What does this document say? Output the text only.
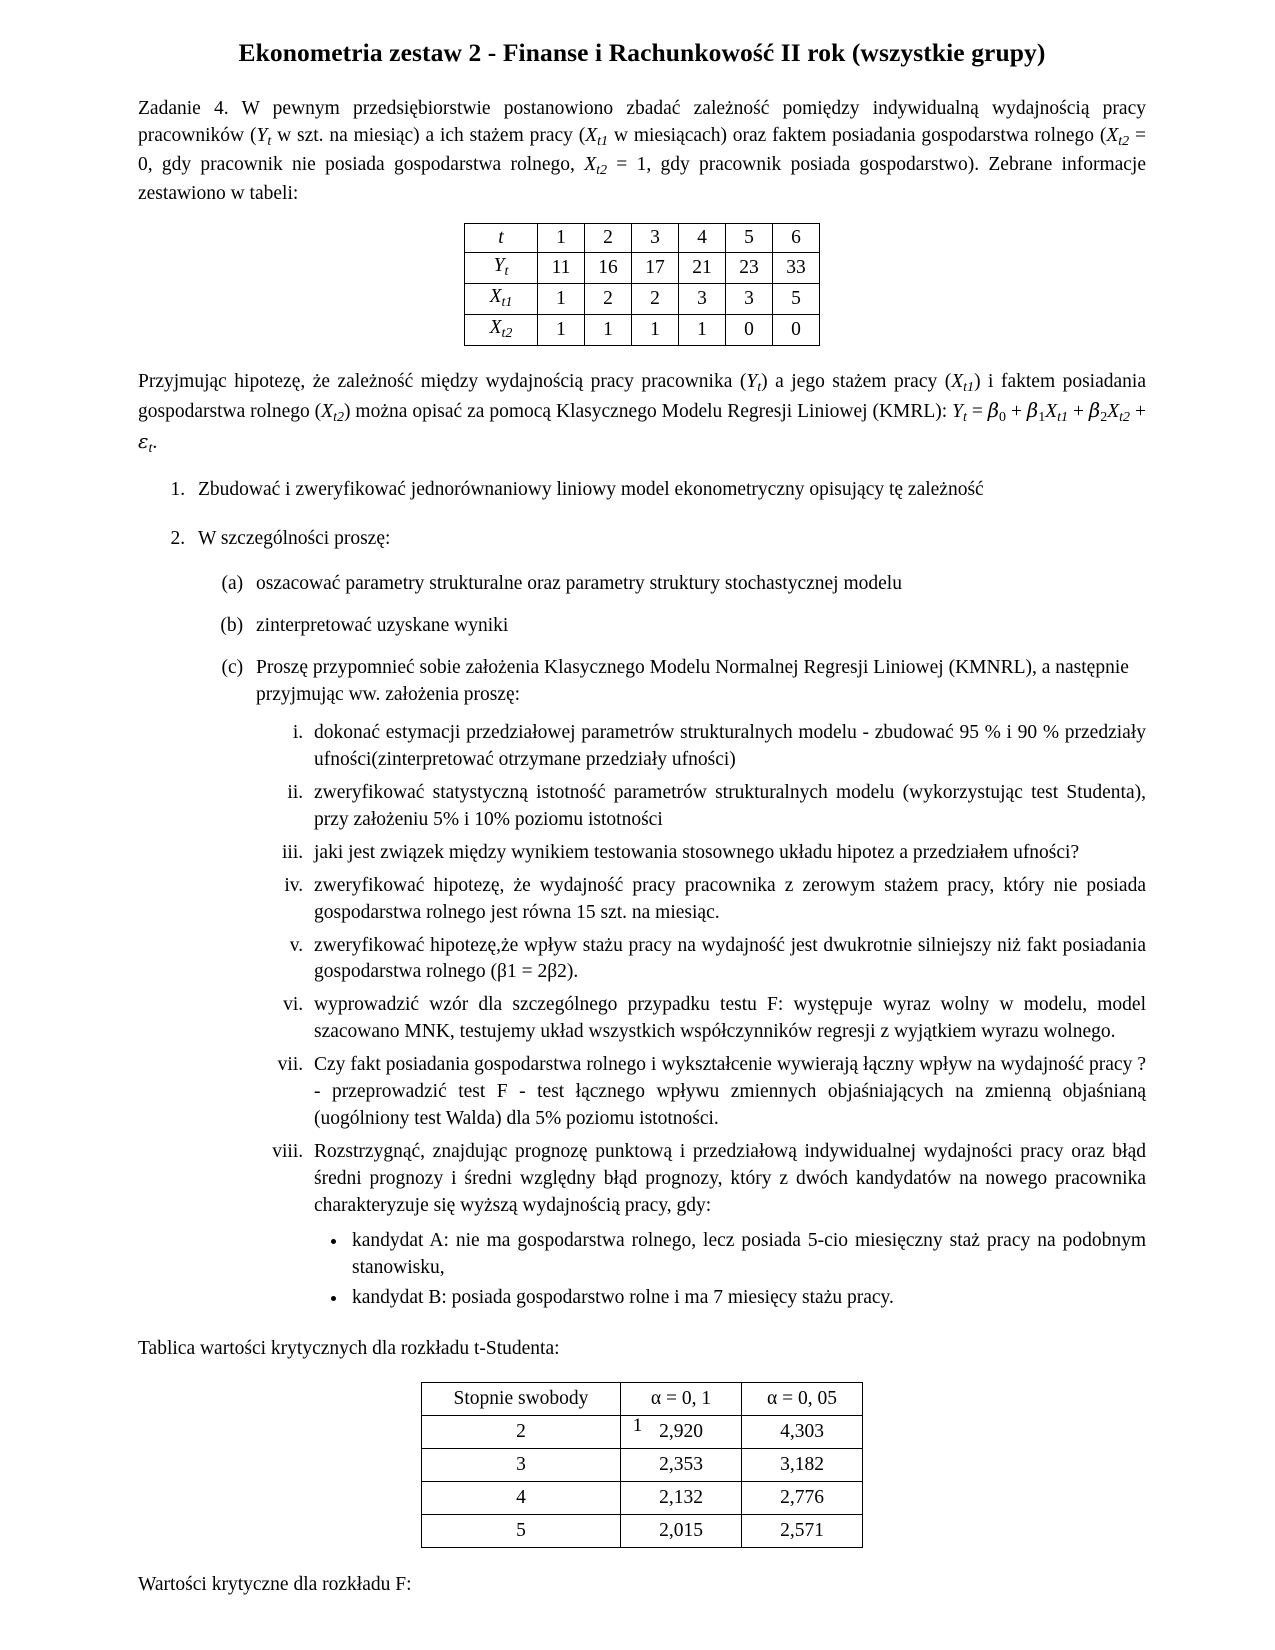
Ekonometria zestaw 2 - Finanse i Rachunkowość II rok (wszystkie grupy)

Zadanie 4. W pewnym przedsiębiorstwie postanowiono zbadać zależność pomiędzy indywidualną wydajnością pracy pracowników ($Y_t$ w szt. na miesiąc) a ich stażem pracy ($X_{t1}$ w miesiącach) oraz faktem posiadania gospodarstwa rolnego ($X_{t2} = 0$, gdy pracownik nie posiada gospodarstwa rolnego, $X_{t2} = 1$, gdy pracownik posiada gospodarstwo). Zebrane informacje zestawiono w tabeli:

t	1	2	3	4	5	6
$Y_t$	11	16	17	21	23	33
$X_{t1}$	1	2	2	3	3	5
$X_{t2}$	1	1	1	1	0	0

Przyjmując hipotezę, że zależność między wydajnością pracy pracownika $(Y_t)$ a jego stażem pracy $(X_{t1})$ i faktem posiadania gospodarstwa rolnego $(X_{t2})$ można opisać za pomocą Klasycznego Modelu Regresji Liniowej (KMRL): $Y_t = \beta_0 + \beta_1X_{t1} + \beta_2X_{t2} + \varepsilon_t$.

1. Zbudować i zweryfikować jednorównaniowy liniowy model ekonometryczny opisujący tę zależność
2. W szczególności proszę:
a. oszacować parametry strukturalne oraz parametry struktury stochastycznej modelu
b. zinterpretować uzyskane wyniki
c. Proszę przypomnieć sobie założenia Klasycznego Modelu Normalnej Regresji Liniowej (KMNRL), a następnie przyjmując ww. założenia proszę:
i. dokonać estymacji przedziałowej parametrów strukturalnych modelu - zbudować 95 % i 90 % przedziały ufności(zinterpretować otrzymane przedziały ufności)
ii. zweryfikować statystyczną istotność parametrów strukturalnych modelu (wykorzystując test Studenta), przy założeniu 5% i 10% poziomu istotności
iii. jaki jest związek między wynikiem testowania stosownego układu hipotez a przedziałem ufności?
iv. zweryfikować hipotezę, że wydajność pracy pracownika z zerowym stażem pracy, który nie posiada gospodarstwa rolnego jest równa 15 szt. na miesiąc.
v. zweryfikować hipotezę,że wpływ stażu pracy na wydajność jest dwukrotnie silniejszy niż fakt posiadania gospodarstwa rolnego (β1 = 2β2).
vi. wyprowadzić wzór dla szczególnego przypadku testu F: występuje wyraz wolny w modelu, model szacowano MNK, testujemy układ wszystkich współczynników regresji z wyjątkiem wyrazu wolnego.
vii. Czy fakt posiadania gospodarstwa rolnego i wykształcenie wywierają łączny wpływ na wydajność pracy ? - przeprowadzić test F - test łącznego wpływu zmiennych objaśniających na zmienną objaśnianą (uogólniony test Walda) dla 5% poziomu istotności.
viii. Rozstrzygnąć, znajdując prognozę punktową i przedziałową indywidualnej wydajności pracy oraz błąd średni prognozy i średni względny błąd prognozy, który z dwóch kandydatów na nowego pracownika charakteryzuje się wyższą wydajnością pracy, gdy:
• kandydat A: nie ma gospodarstwa rolnego, lecz posiada 5-cio miesięczny staż pracy na podobnym stanowisku,
• kandydat B: posiada gospodarstwo rolne i ma 7 miesięcy stażu pracy.

Tablica wartości krytycznych dla rozkładu t-Studenta:

Stopnie swobody	α = 0, 1	α = 0, 05
2	2,920	4,303
3	2,353	3,182
4	2,132	2,776
5	2,015	2,571

Wartości krytyczne dla rozkładu F:

1
